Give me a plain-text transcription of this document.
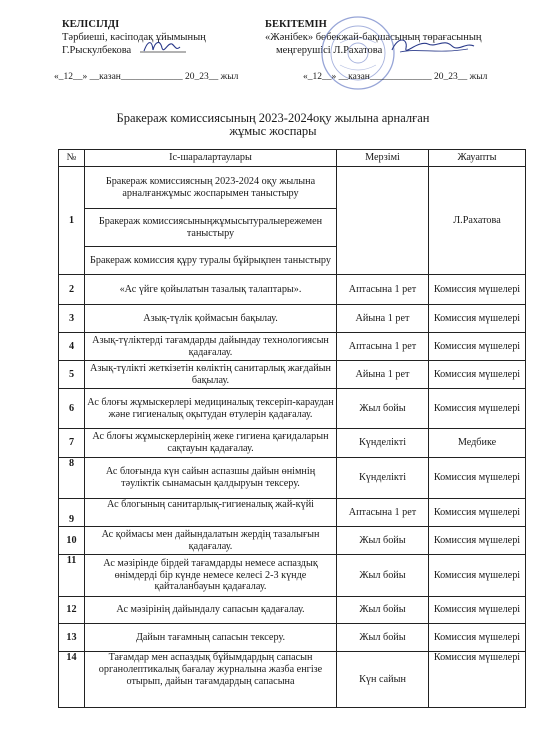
КЕЛІСІЛДІ
Тәрбиеші, кәсіподақ ұйымының
Г.Рыскулбекова
«_12__» __казан_____________ 20_23__ жыл
БЕКІТЕМІН
«Жәнібек» бөбекжай-бақшасының төрағасының
меңгерушісі Л.Рахатова
«_12__» __казан_____________ 20_23__ жыл
Бракераж комиссиясының 2023-2024оқу жылына арналған
жұмыс жоспары
№	Іс-шаралартаулары	Мерзімі	Жауапты
1	Бракераж комиссиясның 2023-2024 оқу жылына арналғанжұмыс жоспарымен таныстыру		Л.Рахатова
	Бракераж комиссиясыныңжұмысытуралыережемен таныстыру		
	Бракераж комиссия құру туралы бұйрықпен таныстыру		
2	«Ас үйге қойылатын тазалық талаптары».	Аптасына 1 рет	Комиссия мүшелері
3	Азық-түлік қоймасын бақылау.	Айына 1 рет	Комиссия мүшелері
4	Азық-түліктерді тағамдарды дайындау технологиясын қадағалау.	Аптасына 1 рет	Комиссия мүшелері
5	Азық-түлікті жеткізетін көліктің санитарлық жағдайын бақылау.	Айына 1 рет	Комиссия мүшелері
6	Ас блоғы жұмыскерлері медициналық тексеріп-караудан және гигиеналық оқытудан өтулерін қадағалау.	Жыл бойы	Комиссия мүшелері
7	Ас блоғы жұмыскерлерінің жеке гигиена қағидаларын сақтауын қадағалау.	Күнделікті	Медбике
8	Ас блоғында күн сайын аспазшы дайын өнімнің тәуліктік сынамасын қалдыруын тексеру.	Күнделікті	Комиссия мүшелері
9	Ас блогының санитарлық-гигиеналық жай-күйі	Аптасына 1 рет	Комиссия мүшелері
10	Ас қоймасы мен дайындалатын жердің тазалығын қадағалау.	Жыл бойы	Комиссия мүшелері
11	Ас мәзірінде бірдей тағамдарды немесе аспаздық өнімдерді бір күнде немесе келесі 2-3 күнде қайталанбауын қадағалау.	Жыл бойы	Комиссия мүшелері
12	Ас мәзірінің дайындалу сапасын қадағалау.	Жыл бойы	Комиссия мүшелері
13	Дайын тағамның сапасын тексеру.	Жыл бойы	Комиссия мүшелері
14	Тағамдар мен аспаздық бұйымдардың сапасын органолептикалық бағалау журналына жазба енгізе отырып, дайын тағамдардың сапасына	Күн сайын	Комиссия мүшелері
